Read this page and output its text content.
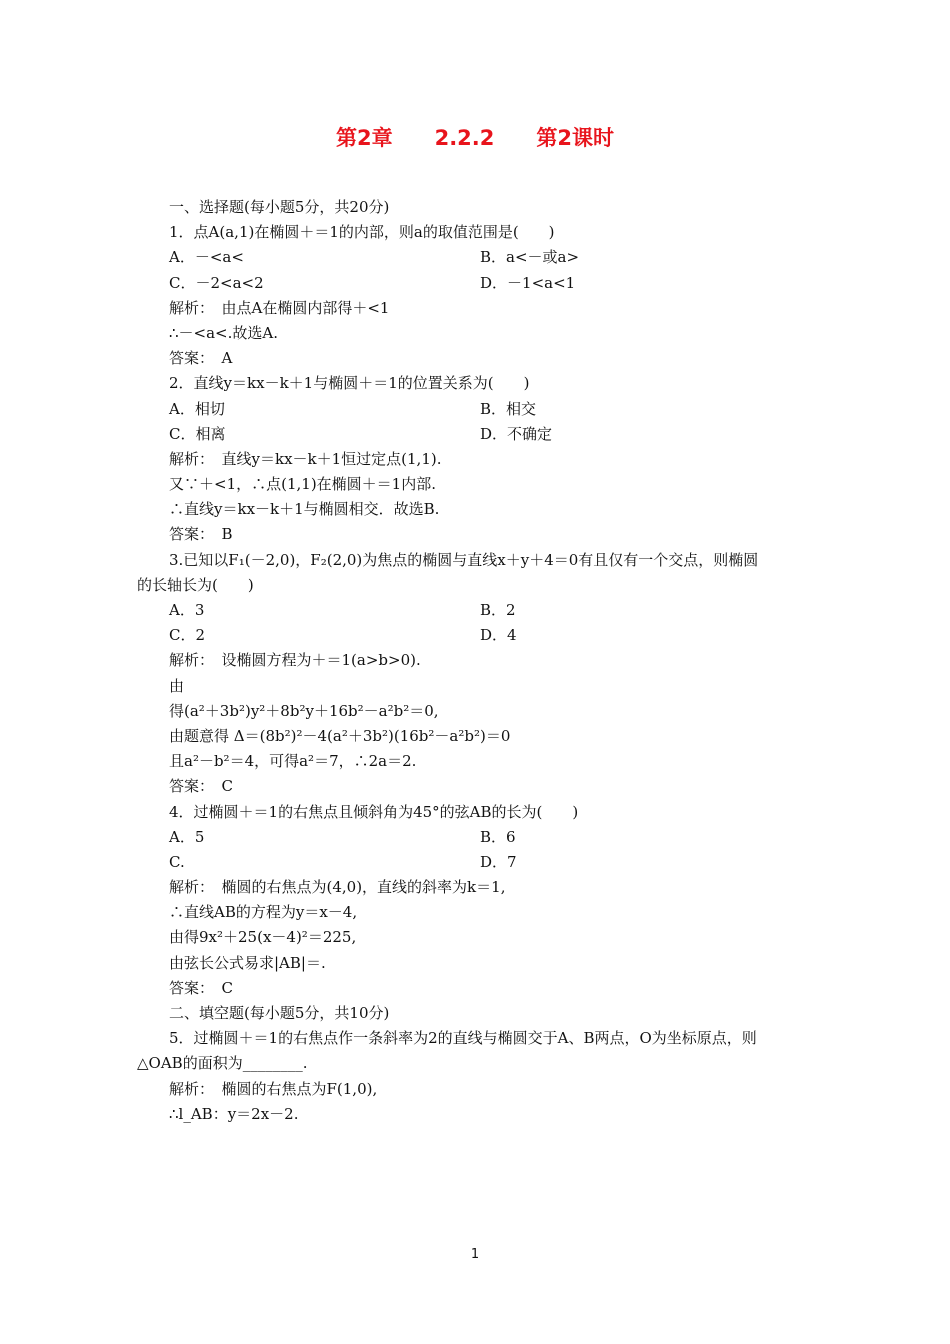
第2章　　2.2.2　　第2课时
一、选择题(每小题5分，共20分)
1．点A(a,1)在椭圆＋＝1的内部，则a的取值范围是(　　)
A．－<a<	B．a<－或a>
C．－2<a<2	D．－1<a<1
解析：　由点A在椭圆内部得＋<1
∴－<a<.故选A.
答案：　A
2．直线y＝kx－k＋1与椭圆＋＝1的位置关系为(　　)
A．相切	B．相交
C．相离	D．不确定
解析：　直线y＝kx－k＋1恒过定点(1,1).
又∵＋<1，∴点(1,1)在椭圆＋＝1内部.
∴直线y＝kx－k＋1与椭圆相交．故选B.
答案：　B
3.已知以F₁(－2,0)，F₂(2,0)为焦点的椭圆与直线x＋y＋4＝0有且仅有一个交点，则椭圆
的长轴长为(　　)
A．3	B．2
C．2	D．4
解析：　设椭圆方程为＋＝1(a>b>0).
由
得(a²＋3b²)y²＋8b²y＋16b²－a²b²＝0,
由题意得 Δ＝(8b²)²－4(a²＋3b²)(16b²－a²b²)＝0
且a²－b²＝4，可得a²＝7，∴2a＝2.
答案：　C
4．过椭圆＋＝1的右焦点且倾斜角为45°的弦AB的长为(　　)
A．5	B．6
C.	D．7
解析：　椭圆的右焦点为(4,0)，直线的斜率为k＝1,
∴直线AB的方程为y＝x－4,
由得9x²＋25(x－4)²＝225,
由弦长公式易求|AB|＝.
答案：　C
二、填空题(每小题5分，共10分)
5．过椭圆＋＝1的右焦点作一条斜率为2的直线与椭圆交于A、B两点，O为坐标原点，则
△OAB的面积为________.
解析：　椭圆的右焦点为F(1,0),
∴l_AB：y＝2x－2.
1
